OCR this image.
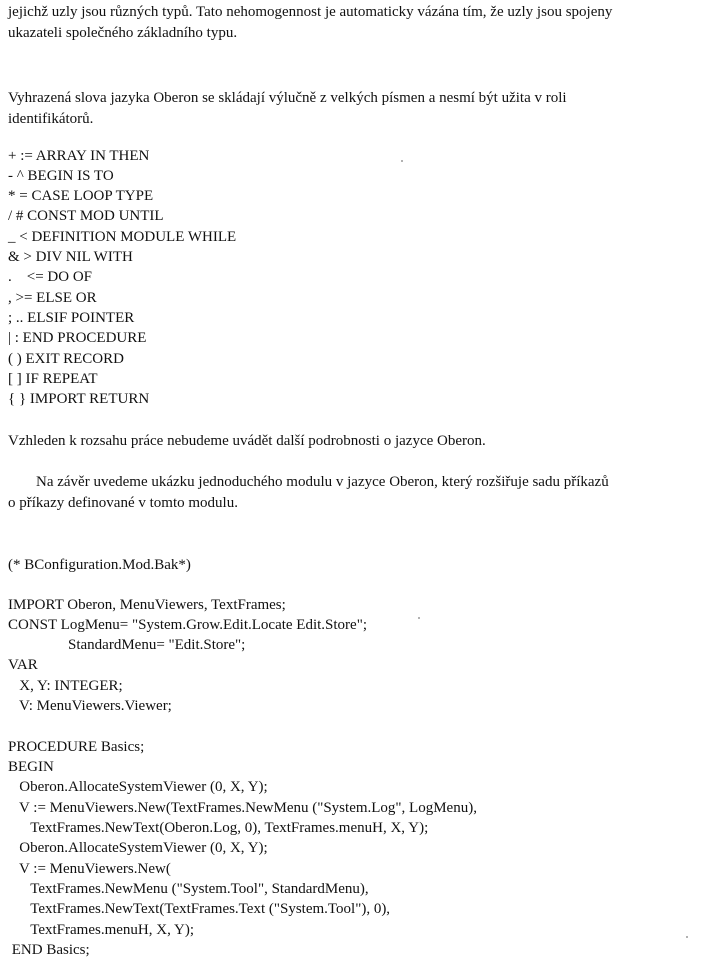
jejichž uzly jsou různých typů. Tato nehomogennost je automaticky vázána tím, že uzly jsou spojeny
ukazateli společného základního typu.
Vyhrazená slova jazyka Oberon se skládají výlučně z velkých písmen a nesmí být užita v roli
identifikátorů.
+ := ARRAY IN THEN
- ^ BEGIN IS TO
* = CASE LOOP TYPE
/ # CONST MOD UNTIL
_ < DEFINITION MODULE WHILE
& > DIV NIL WITH
.    <= DO OF
, >= ELSE OR
; .. ELSIF POINTER
| : END PROCEDURE
( ) EXIT RECORD
[ ] IF REPEAT
{ } IMPORT RETURN
Vzhleden k rozsahu práce nebudeme uvádět další podrobnosti o jazyce Oberon.
Na závěr uvedeme ukázku jednoduchého modulu v jazyce Oberon, který rozšiřuje sadu příkazů
o příkazy definované v tomto modulu.
(* BConfiguration.Mod.Bak*)
IMPORT Oberon, MenuViewers, TextFrames;
CONST LogMenu= "System.Grow.Edit.Locate Edit.Store";
StandardMenu= "Edit.Store";
VAR
X, Y: INTEGER;
V: MenuViewers.Viewer;
PROCEDURE Basics;
BEGIN
Oberon.AllocateSystemViewer (0, X, Y);
V := MenuViewers.New(TextFrames.NewMenu ("System.Log", LogMenu),
TextFrames.NewText(Oberon.Log, 0), TextFrames.menuH, X, Y);
Oberon.AllocateSystemViewer (0, X, Y);
V := MenuViewers.New(
TextFrames.NewMenu ("System.Tool", StandardMenu),
TextFrames.NewText(TextFrames.Text ("System.Tool"), 0),
TextFrames.menuH, X, Y);
END Basics;
